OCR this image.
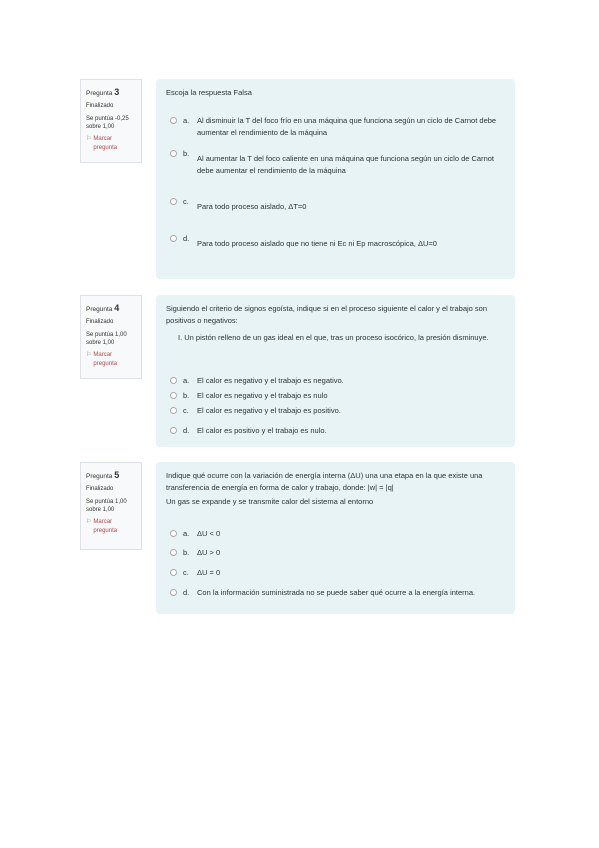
Pregunta 3
Finalizado
Se puntúa -0,25 sobre 1,00
⚐ Marcar pregunta
Escoja la respuesta Falsa
a.	Al disminuir la T del foco frío en una máquina que funciona según un ciclo de Carnot debe aumentar el rendimiento de la máquina
b.
Al aumentar la T del foco caliente en una máquina que funciona según un ciclo de Carnot debe aumentar el rendimiento de la máquina
c.
Para todo proceso aislado, ΔT=0
d.
Para todo proceso aislado que no tiene ni Ec ni Ep macroscópica, ΔU=0
Pregunta 4
Finalizado
Se puntúa 1,00 sobre 1,00
⚐ Marcar pregunta
Siguiendo el criterio de signos egoísta, indique si en el proceso siguiente el calor y el trabajo son positivos o negativos:
I. Un pistón relleno de un gas ideal en el que, tras un proceso isocórico, la presión disminuye.
a.	El calor es negativo y el trabajo es negativo.
b.	El calor es negativo y el trabajo es nulo
c.	El calor es negativo y el trabajo es positivo.
d.	El calor es positivo y el trabajo es nulo.
Pregunta 5
Finalizado
Se puntúa 1,00 sobre 1,00
⚐ Marcar pregunta
Indique qué ocurre con la variación de energía interna (ΔU) una una etapa en la que existe una transferencia de energía en forma de calor y trabajo, donde: |w| = |q|
Un gas se expande y se transmite calor del sistema al entorno
a.	ΔU < 0
b.	ΔU > 0
c.	ΔU = 0
d.	Con la información suministrada no se puede saber qué ocurre a la energía interna.
